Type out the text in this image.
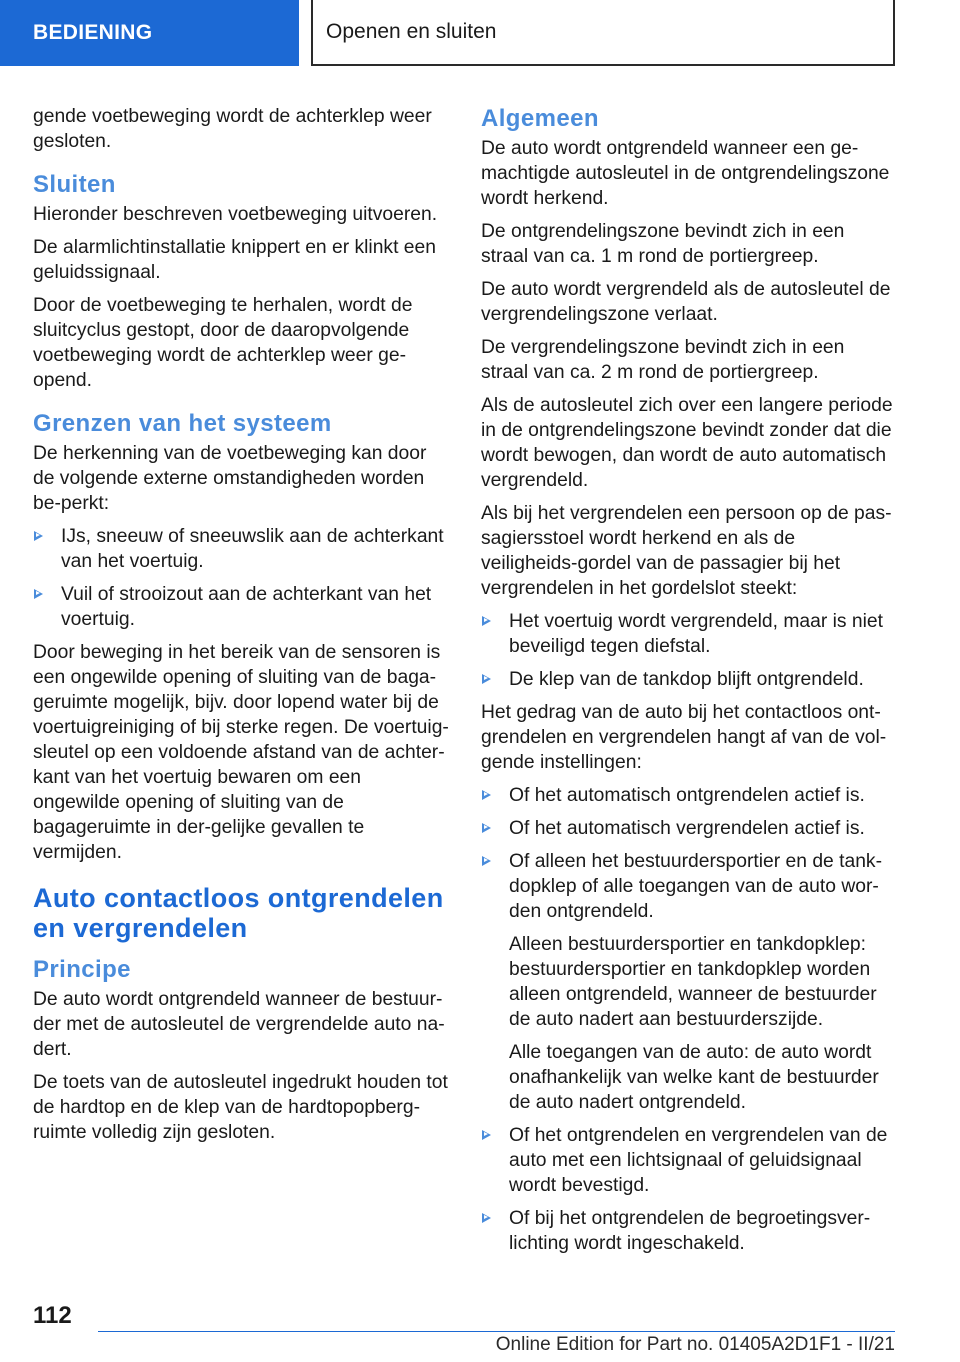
BEDIENING	Openen en sluiten

gende voetbeweging wordt de achterklep weer gesloten.

Sluiten

Hieronder beschreven voetbeweging uitvoeren.

De alarmlichtinstallatie knippert en er klinkt een geluidssignaal.

Door de voetbeweging te herhalen, wordt de sluitcyclus gestopt, door de daaropvolgende voetbeweging wordt de achterklep weer ge-opend.

Grenzen van het systeem

De herkenning van de voetbeweging kan door de volgende externe omstandigheden worden be-perkt:

IJs, sneeuw of sneeuwslik aan de achterkant van het voertuig.
Vuil of strooizout aan de achterkant van het voertuig.

Door beweging in het bereik van de sensoren is een ongewilde opening of sluiting van de baga-geruimte mogelijk, bijv. door lopend water bij de voertuigreiniging of bij sterke regen. De voertuig-sleutel op een voldoende afstand van de achter-kant van het voertuig bewaren om een ongewilde opening of sluiting van de bagageruimte in der-gelijke gevallen te vermijden.

Auto contactloos ontgrendelen en vergrendelen
Principe

De auto wordt ontgrendeld wanneer de bestuur-der met de autosleutel de vergrendelde auto na-dert.

De toets van de autosleutel ingedrukt houden tot de hardtop en de klep van de hardtopopberg-ruimte volledig zijn gesloten.

Algemeen

De auto wordt ontgrendeld wanneer een ge-machtigde autosleutel in de ontgrendelingszone wordt herkend.

De ontgrendelingszone bevindt zich in een straal van ca. 1 m rond de portiergreep.

De auto wordt vergrendeld als de autosleutel de vergrendelingszone verlaat.

De vergrendelingszone bevindt zich in een straal van ca. 2 m rond de portiergreep.

Als de autosleutel zich over een langere periode in de ontgrendelingszone bevindt zonder dat die wordt bewogen, dan wordt de auto automatisch vergrendeld.

Als bij het vergrendelen een persoon op de pas-sagiersstoel wordt herkend en als de veiligheids-gordel van de passagier bij het vergrendelen in het gordelslot steekt:

Het voertuig wordt vergrendeld, maar is niet beveiligd tegen diefstal.
De klep van de tankdop blijft ontgrendeld.

Het gedrag van de auto bij het contactloos ont-grendelen en vergrendelen hangt af van de vol-gende instellingen:

Of het automatisch ontgrendelen actief is.
Of het automatisch vergrendelen actief is.
Of alleen het bestuurdersportier en de tank-dopklep of alle toegangen van de auto wor-den ontgrendeld.
Alleen bestuurdersportier en tankdopklep: bestuurdersportier en tankdopklep worden alleen ontgrendeld, wanneer de bestuurder de auto nadert aan bestuurderszijde.
Alle toegangen van de auto: de auto wordt onafhankelijk van welke kant de bestuurder de auto nadert ontgrendeld.
Of het ontgrendelen en vergrendelen van de auto met een lichtsignaal of geluidsignaal wordt bevestigd.
Of bij het ontgrendelen de begroetingsver-lichting wordt ingeschakeld.
112
Online Edition for Part no. 01405A2D1F1 - II/21
